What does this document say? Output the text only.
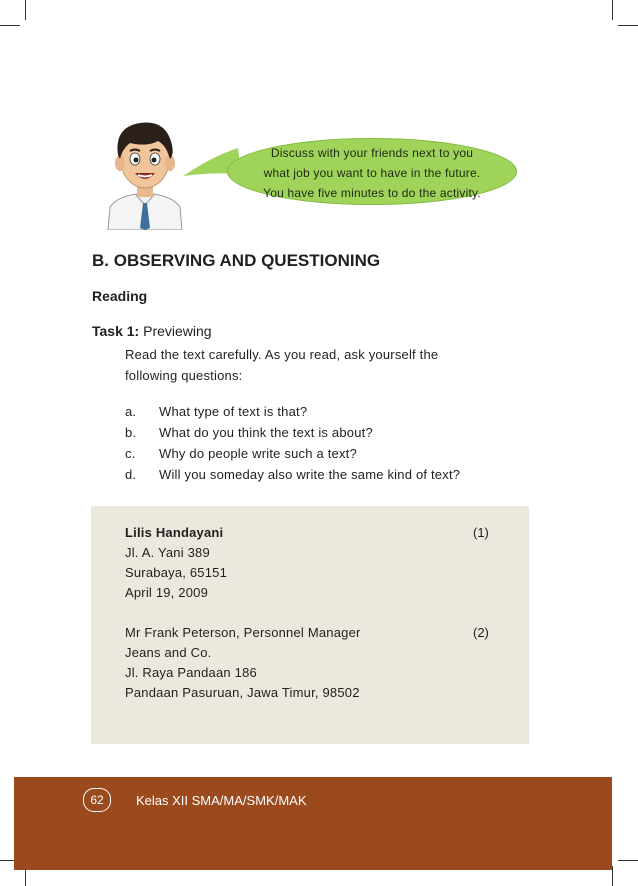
Discuss with your friends next to you
what job you want to have in the future.
You have five minutes to do the activity.
B. OBSERVING AND QUESTIONING
Reading
Task 1: Previewing
Read the text carefully. As you read, ask yourself the
following questions:
a.	What type of text is that?
b.	What do you think the text is about?
c.	Why do people write such a text?
d.	Will you someday also write the same kind of text?
Lilis Handayani	(1)
Jl. A. Yani 389
Surabaya, 65151
April 19, 2009
Mr Frank Peterson, Personnel Manager	(2)
Jeans and Co.
Jl. Raya Pandaan 186
Pandaan Pasuruan, Jawa Timur, 98502
62	Kelas XII SMA/MA/SMK/MAK
